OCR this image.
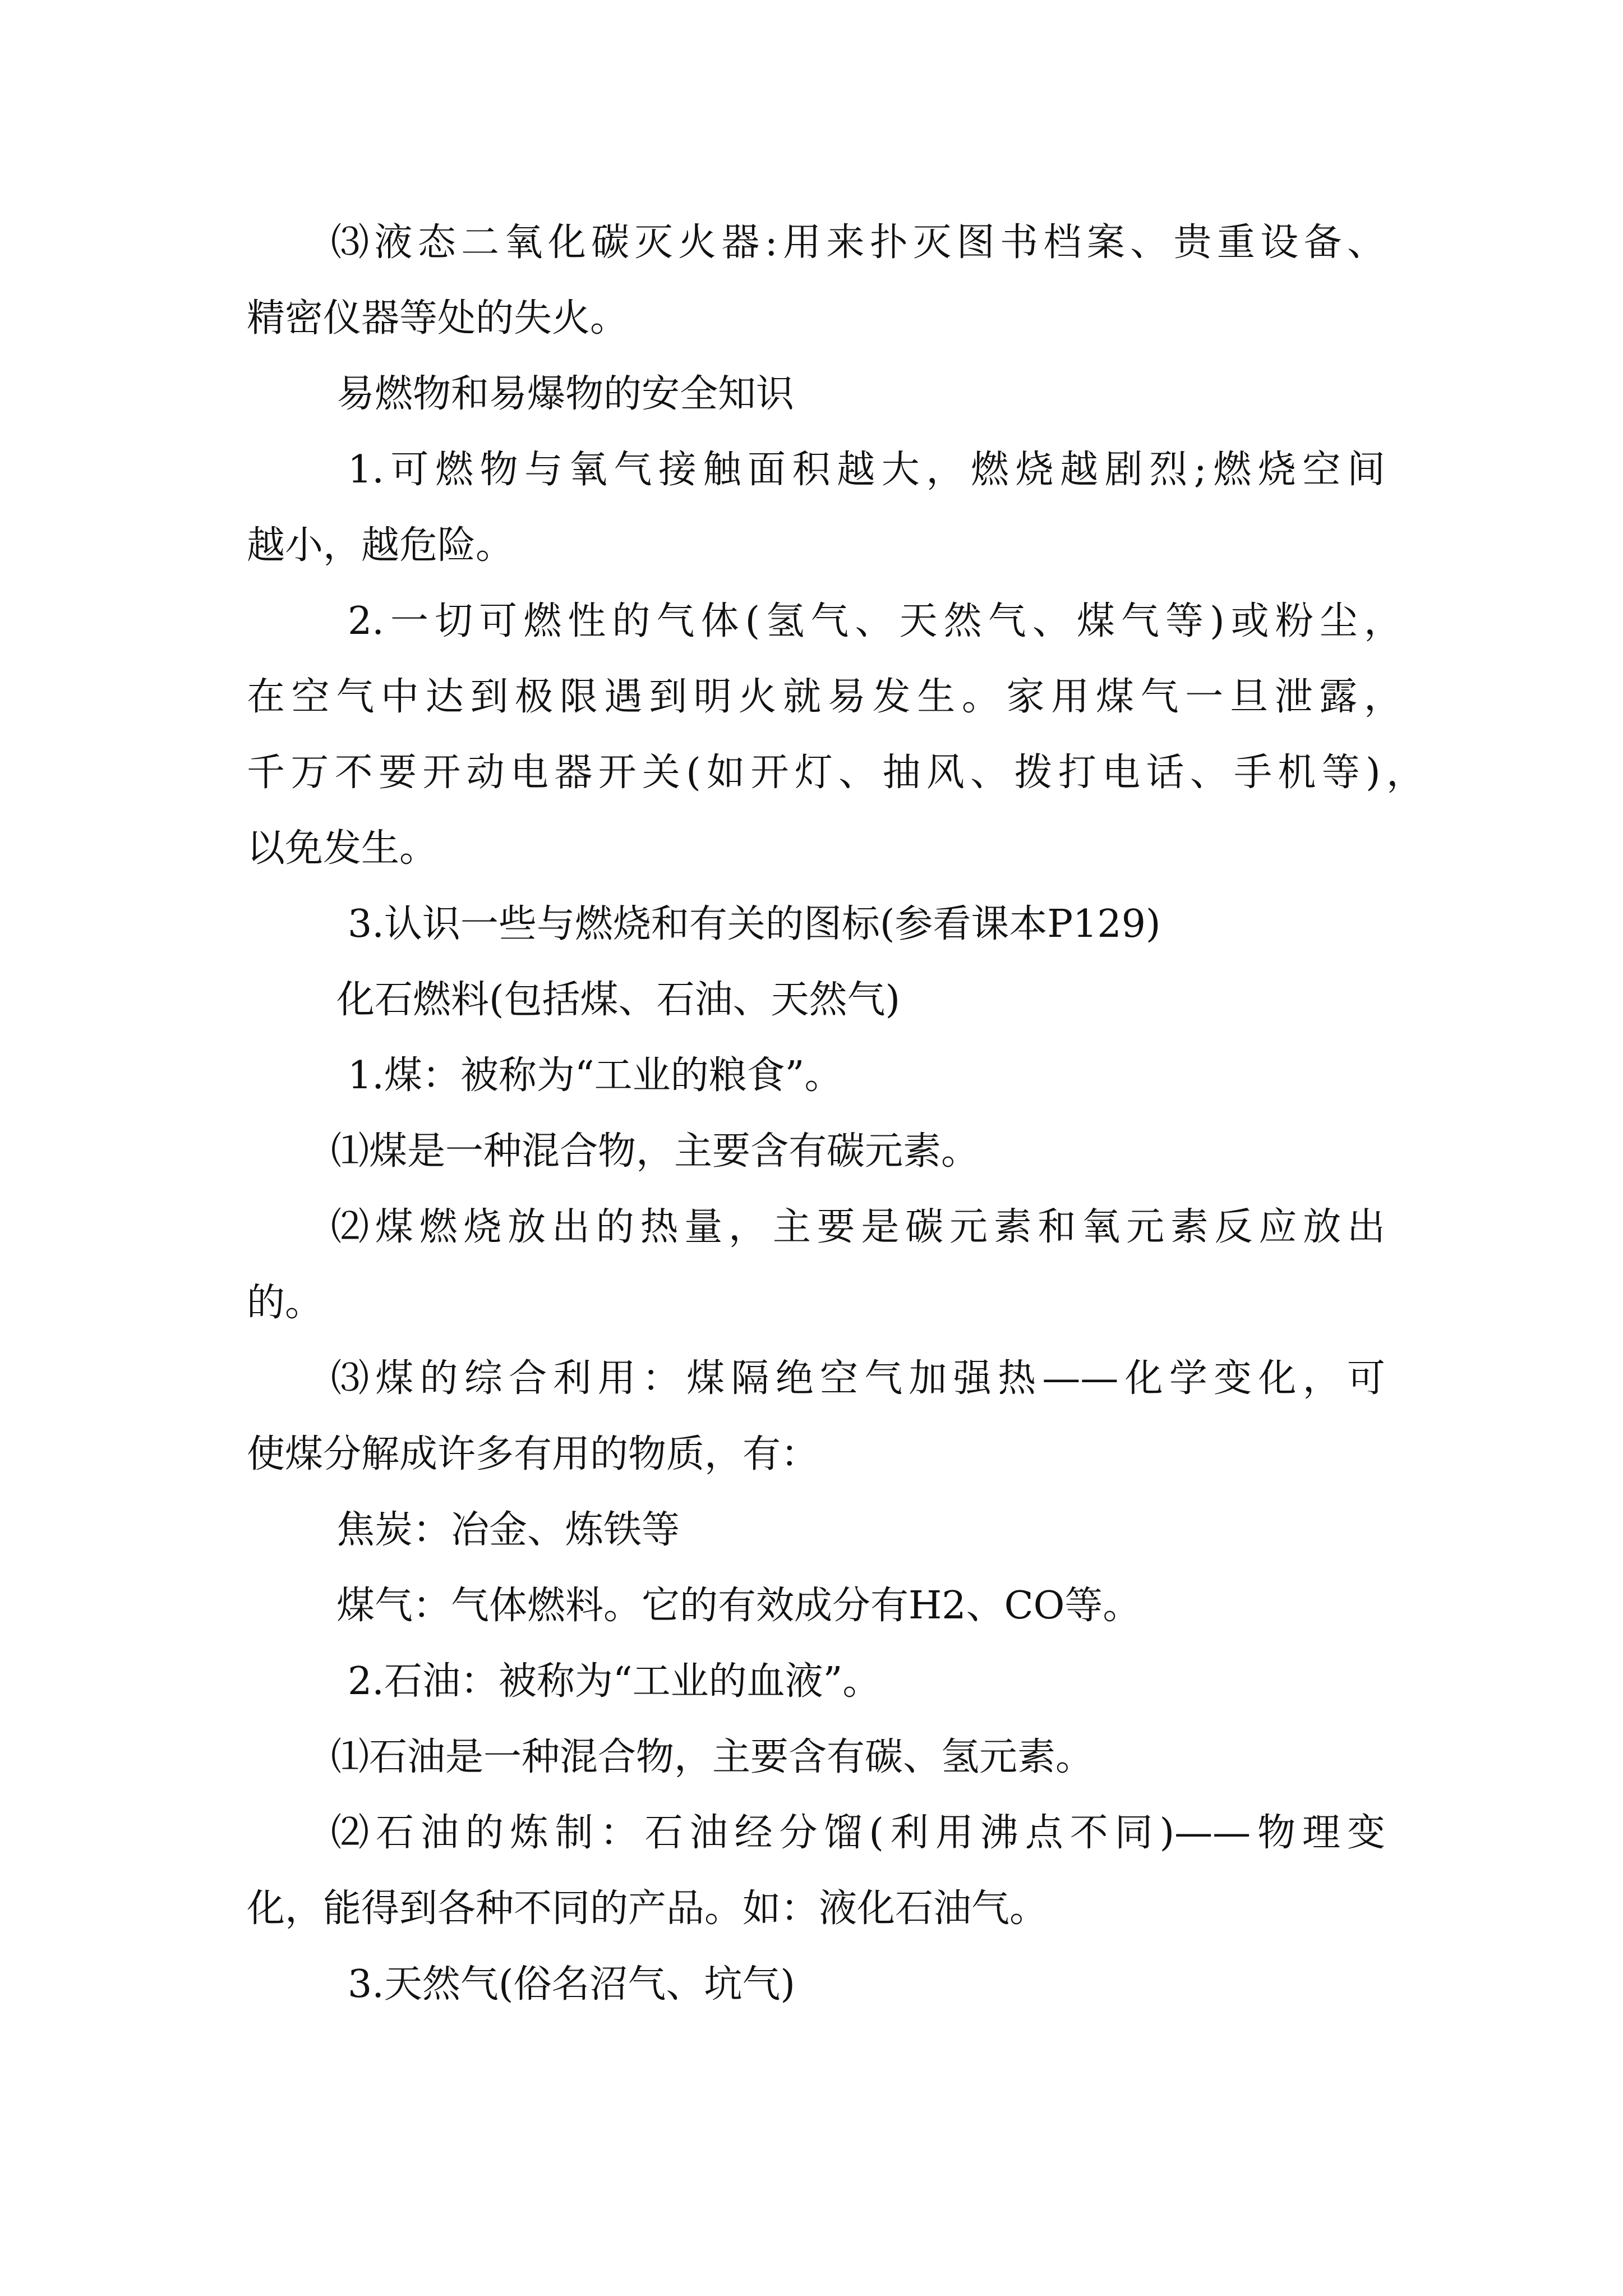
⑶液态二氧化碳灭火器:用来扑灭图书档案、贵重设备、
精密仪器等处的失火。
易燃物和易爆物的安全知识
1.可燃物与氧气接触面积越大，燃烧越剧烈;燃烧空间
越小，越危险。
2.一切可燃性的气体(氢气、天然气、煤气等)或粉尘，
在空气中达到极限遇到明火就易发生。家用煤气一旦泄露，
千万不要开动电器开关(如开灯、抽风、拨打电话、手机等)，
以免发生。
3.认识一些与燃烧和有关的图标(参看课本P129)
化石燃料(包括煤、石油、天然气)
1.煤：被称为“工业的粮食”。
⑴煤是一种混合物，主要含有碳元素。
⑵煤燃烧放出的热量，主要是碳元素和氧元素反应放出
的。
⑶煤的综合利用：煤隔绝空气加强热——化学变化，可
使煤分解成许多有用的物质，有：
焦炭：冶金、炼铁等
煤气：气体燃料。它的有效成分有H2、CO等。
2.石油：被称为“工业的血液”。
⑴石油是一种混合物，主要含有碳、氢元素。
⑵石油的炼制：石油经分馏(利用沸点不同)——物理变
化，能得到各种不同的产品。如：液化石油气。
3.天然气(俗名沼气、坑气)
